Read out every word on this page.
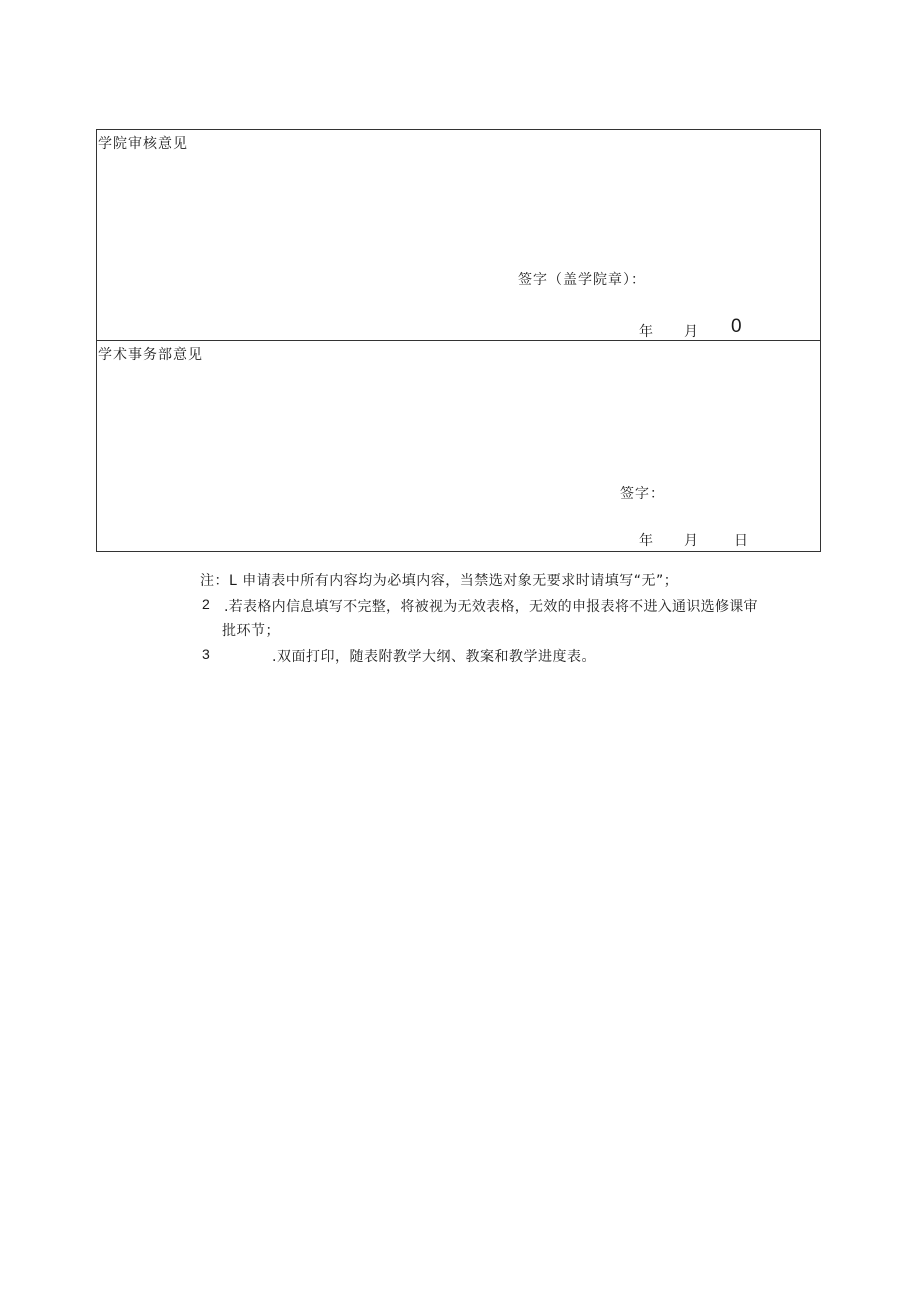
学院审核意见
签字（盖学院章）：
年 月 0
学术事务部意见
签字：
年 月	日
注：L 申请表中所有内容均为必填内容，当禁选对象无要求时请填写“无”；
2 .若表格内信息填写不完整，将被视为无效表格，无效的申报表将不进入通识选修课审
批环节；
3	.双面打印，随表附教学大纲、教案和教学进度表。
